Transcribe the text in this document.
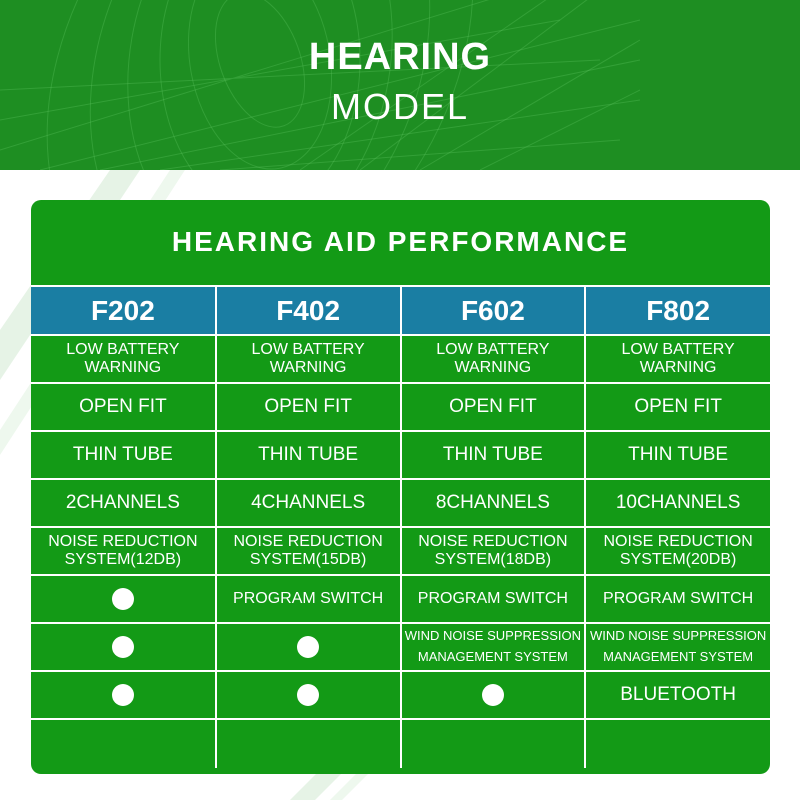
HEARING
MODEL
HEARING AID PERFORMANCE
F202	F402	F602	F802
LOW BATTERY WARNING	LOW BATTERY WARNING	LOW BATTERY WARNING	LOW BATTERY WARNING
OPEN FIT	OPEN FIT	OPEN FIT	OPEN FIT
THIN TUBE	THIN TUBE	THIN TUBE	THIN TUBE
2CHANNELS	4CHANNELS	8CHANNELS	10CHANNELS
NOISE REDUCTION SYSTEM(12DB)	NOISE REDUCTION SYSTEM(15DB)	NOISE REDUCTION SYSTEM(18DB)	NOISE REDUCTION SYSTEM(20DB)
	PROGRAM SWITCH	PROGRAM SWITCH	PROGRAM SWITCH
		WIND NOISE SUPPRESSION MANAGEMENT SYSTEM	WIND NOISE SUPPRESSION MANAGEMENT SYSTEM
			BLUETOOTH
